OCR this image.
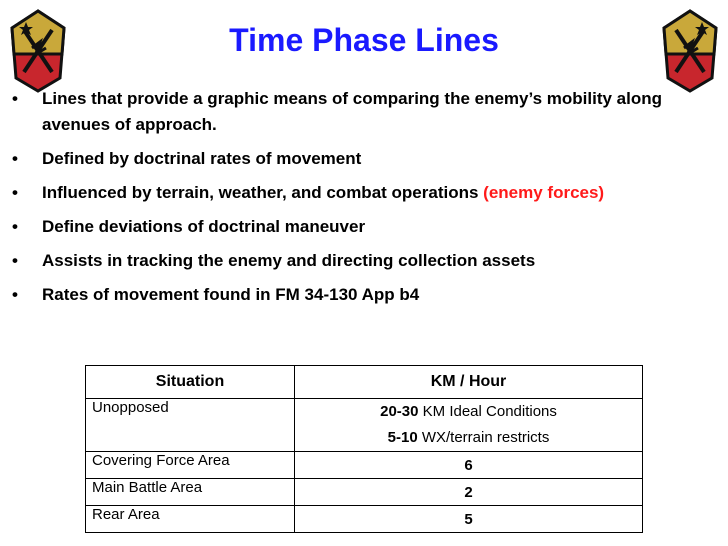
Time Phase Lines
• Lines that provide a graphic means of comparing the enemy’s mobility along avenues of approach.
• Defined by doctrinal rates of movement
• Influenced by terrain, weather, and combat operations (enemy forces)
• Define deviations of doctrinal maneuver
• Assists in tracking the enemy and directing collection assets
• Rates of movement found in FM 34-130 App b4
Situation	KM / Hour
Unopposed	20-30 KM Ideal Conditions
5-10 WX/terrain restricts

Covering Force Area	6
Main Battle Area	2
Rear Area	5
